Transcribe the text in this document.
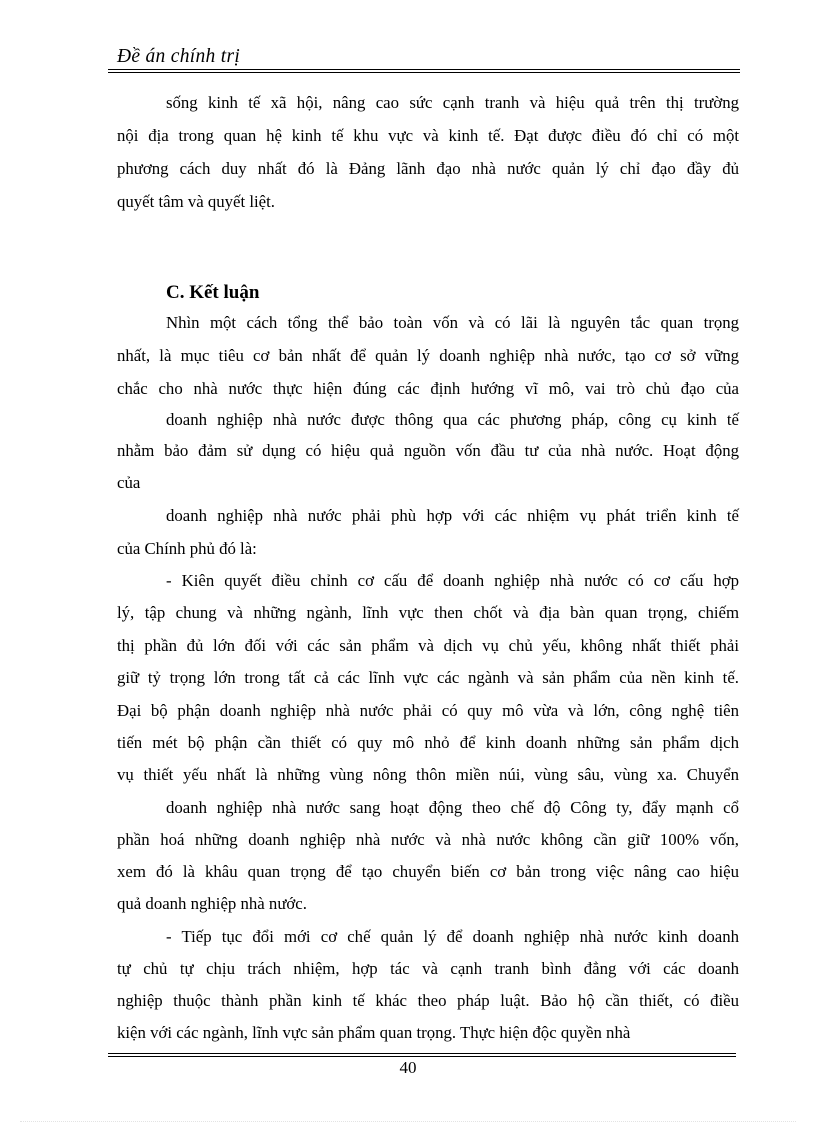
Đề án chính trị
sống kinh tế xã hội, nâng cao sức cạnh tranh và hiệu quả trên thị trường
nội địa trong quan hệ kinh tế khu vực và kinh tế. Đạt được điều đó chỉ có một
phương cách duy nhất đó là Đảng lãnh đạo nhà nước quản lý chỉ đạo đầy đủ
quyết tâm và quyết liệt.
C. Kết luận
Nhìn một cách tổng thể bảo toàn vốn và có lãi là nguyên tắc quan trọng
nhất, là mục tiêu cơ bản nhất để quản lý doanh nghiệp nhà nước, tạo cơ sở vững
chắc cho nhà nước thực hiện đúng các định hướng vĩ mô, vai trò chủ đạo của
doanh nghiệp nhà nước được thông qua các phương pháp, công cụ kinh tế
nhằm bảo đảm sử dụng có hiệu quả nguồn vốn đầu tư của nhà nước. Hoạt động
của
doanh nghiệp nhà nước phải phù hợp với các nhiệm vụ phát triển kinh tế
của Chính phủ đó là:
- Kiên quyết điều chỉnh cơ cấu để doanh nghiệp nhà nước có cơ cấu hợp
lý, tập chung và những ngành, lĩnh vực then chốt và địa bàn quan trọng, chiếm
thị phần đủ lớn đối với các sản phẩm và dịch vụ chủ yếu, không nhất thiết phải
giữ tỷ trọng lớn trong tất cả các lĩnh vực các ngành và sản phẩm của nền kinh tế.
Đại bộ phận doanh nghiệp nhà nước phải có quy mô vừa và lớn, công nghệ tiên
tiến mét bộ phận cần thiết có quy mô nhỏ để kinh doanh những sản phẩm dịch
vụ thiết yếu nhất là những vùng nông thôn miền núi, vùng sâu, vùng xa. Chuyển
doanh nghiệp nhà nước sang hoạt động theo chế độ Công ty, đẩy mạnh cổ
phần hoá những doanh nghiệp nhà nước và nhà nước không cần giữ 100% vốn,
xem đó là khâu quan trọng để tạo chuyển biến cơ bản trong việc nâng cao hiệu
quả doanh nghiệp nhà nước.
- Tiếp tục đổi mới cơ chế quản lý để doanh nghiệp nhà nước kinh doanh
tự chủ tự chịu trách nhiệm, hợp tác và cạnh tranh bình đẳng với các doanh
nghiệp thuộc thành phần kinh tế khác theo pháp luật. Bảo hộ cần thiết, có điều
kiện với các ngành, lĩnh vực sản phẩm quan trọng. Thực hiện độc quyền nhà
40
